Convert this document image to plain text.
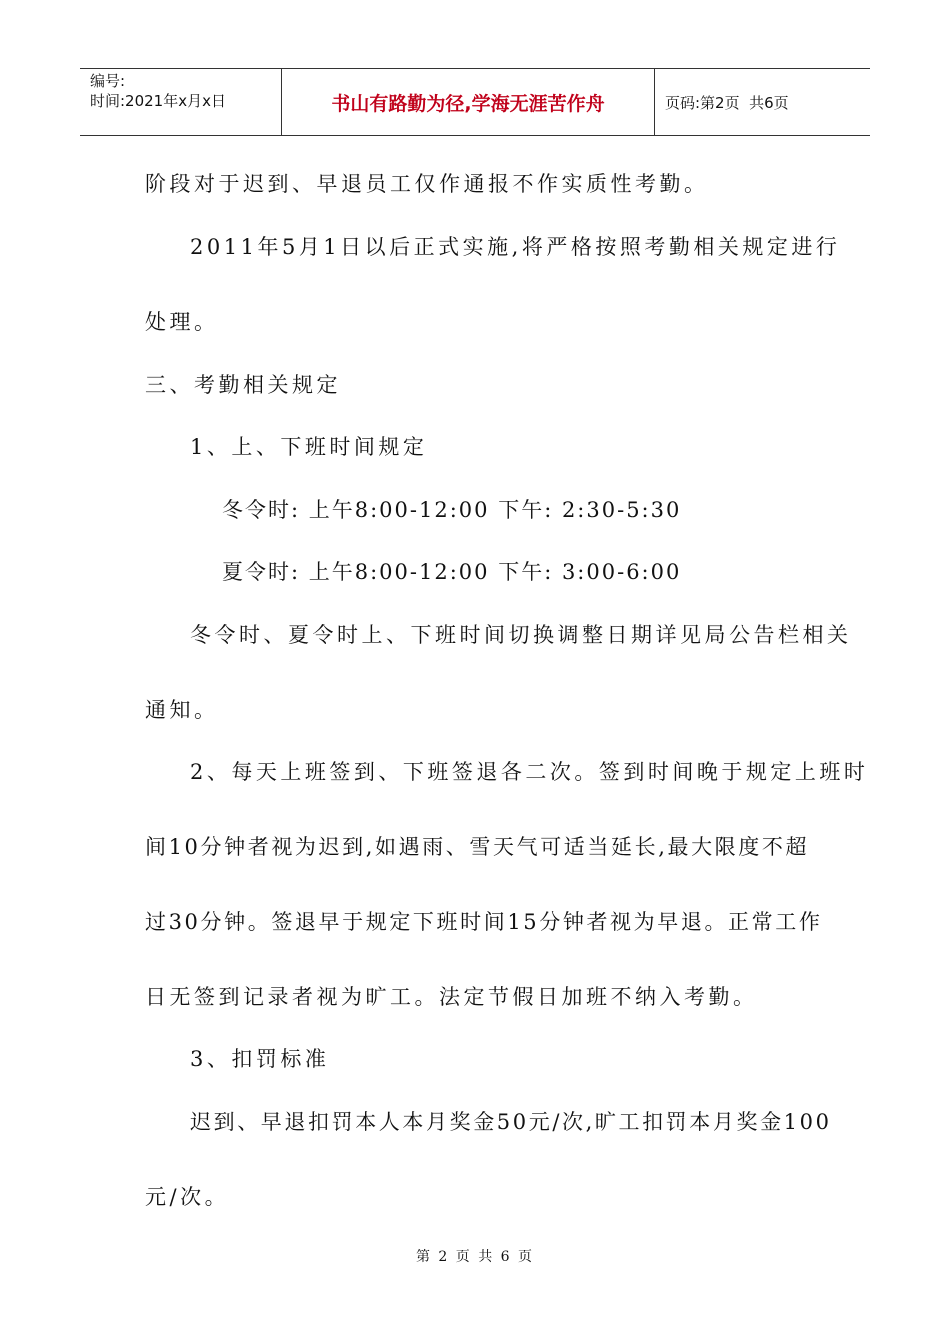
编号:
时间:2021年x月x日	书山有路勤为径,学海无涯苦作舟	页码:第2页  共6页
阶段对于迟到、早退员工仅作通报不作实质性考勤。
2011年5月1日以后正式实施,将严格按照考勤相关规定进行
处理。
三、考勤相关规定
1、上、下班时间规定
冬令时: 上午8:00-12:00 下午: 2:30-5:30
夏令时: 上午8:00-12:00 下午: 3:00-6:00
冬令时、夏令时上、下班时间切换调整日期详见局公告栏相关
通知。
2、每天上班签到、下班签退各二次。签到时间晚于规定上班时
间10分钟者视为迟到,如遇雨、雪天气可适当延长,最大限度不超
过30分钟。签退早于规定下班时间15分钟者视为早退。正常工作
日无签到记录者视为旷工。法定节假日加班不纳入考勤。
3、扣罚标准
迟到、早退扣罚本人本月奖金50元/次,旷工扣罚本月奖金100
元/次。
第 2 页 共 6 页
